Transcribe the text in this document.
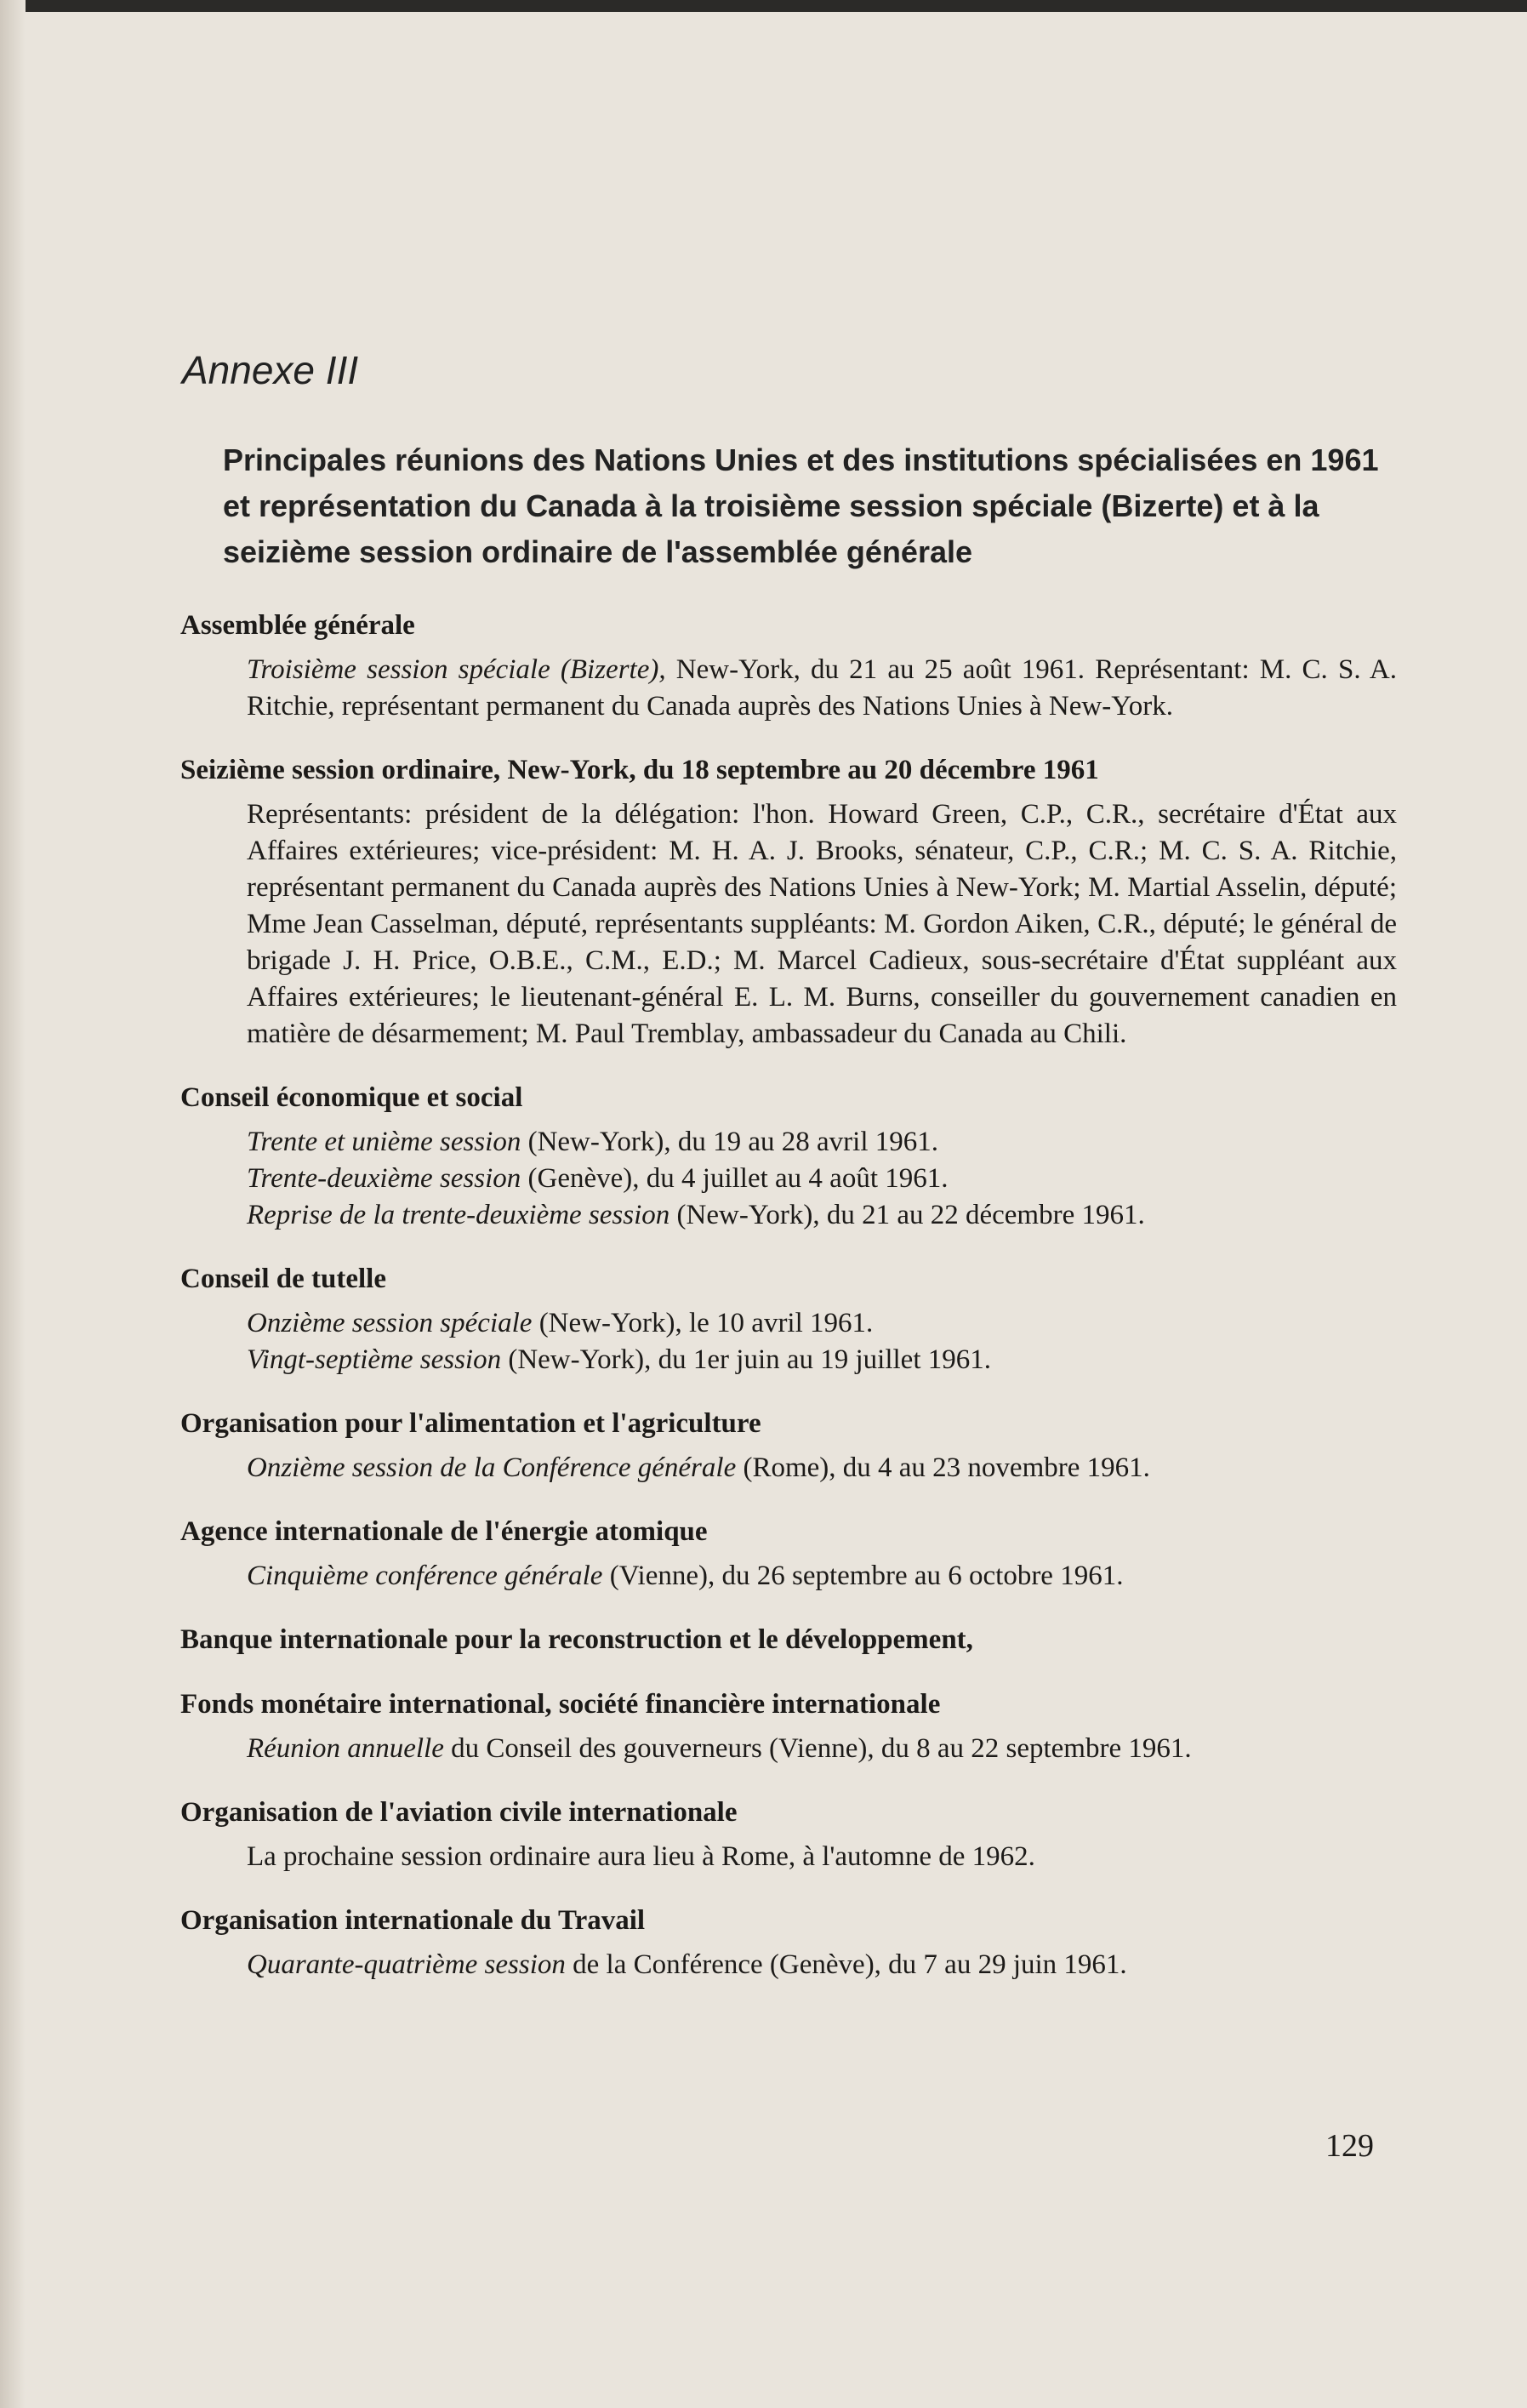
Annexe III
Principales réunions des Nations Unies et des institutions spécialisées en 1961 et représentation du Canada à la troisième session spéciale (Bizerte) et à la seizième session ordinaire de l'assemblée générale
Assemblée générale
Troisième session spéciale (Bizerte), New-York, du 21 au 25 août 1961. Représentant: M. C. S. A. Ritchie, représentant permanent du Canada auprès des Nations Unies à New-York.
Seizième session ordinaire, New-York, du 18 septembre au 20 décembre 1961
Représentants: président de la délégation: l'hon. Howard Green, C.P., C.R., secrétaire d'État aux Affaires extérieures; vice-président: M. H. A. J. Brooks, sénateur, C.P., C.R.; M. C. S. A. Ritchie, représentant permanent du Canada auprès des Nations Unies à New-York; M. Martial Asselin, député; Mme Jean Casselman, député, représentants suppléants: M. Gordon Aiken, C.R., député; le général de brigade J. H. Price, O.B.E., C.M., E.D.; M. Marcel Cadieux, sous-secrétaire d'État suppléant aux Affaires extérieures; le lieutenant-général E. L. M. Burns, conseiller du gouvernement canadien en matière de désarmement; M. Paul Tremblay, ambassadeur du Canada au Chili.
Conseil économique et social
Trente et unième session (New-York), du 19 au 28 avril 1961.
Trente-deuxième session (Genève), du 4 juillet au 4 août 1961.
Reprise de la trente-deuxième session (New-York), du 21 au 22 décembre 1961.
Conseil de tutelle
Onzième session spéciale (New-York), le 10 avril 1961.
Vingt-septième session (New-York), du 1er juin au 19 juillet 1961.
Organisation pour l'alimentation et l'agriculture
Onzième session de la Conférence générale (Rome), du 4 au 23 novembre 1961.
Agence internationale de l'énergie atomique
Cinquième conférence générale (Vienne), du 26 septembre au 6 octobre 1961.
Banque internationale pour la reconstruction et le développement,
Fonds monétaire international, société financière internationale
Réunion annuelle du Conseil des gouverneurs (Vienne), du 8 au 22 septembre 1961.
Organisation de l'aviation civile internationale
La prochaine session ordinaire aura lieu à Rome, à l'automne de 1962.
Organisation internationale du Travail
Quarante-quatrième session de la Conférence (Genève), du 7 au 29 juin 1961.
129
